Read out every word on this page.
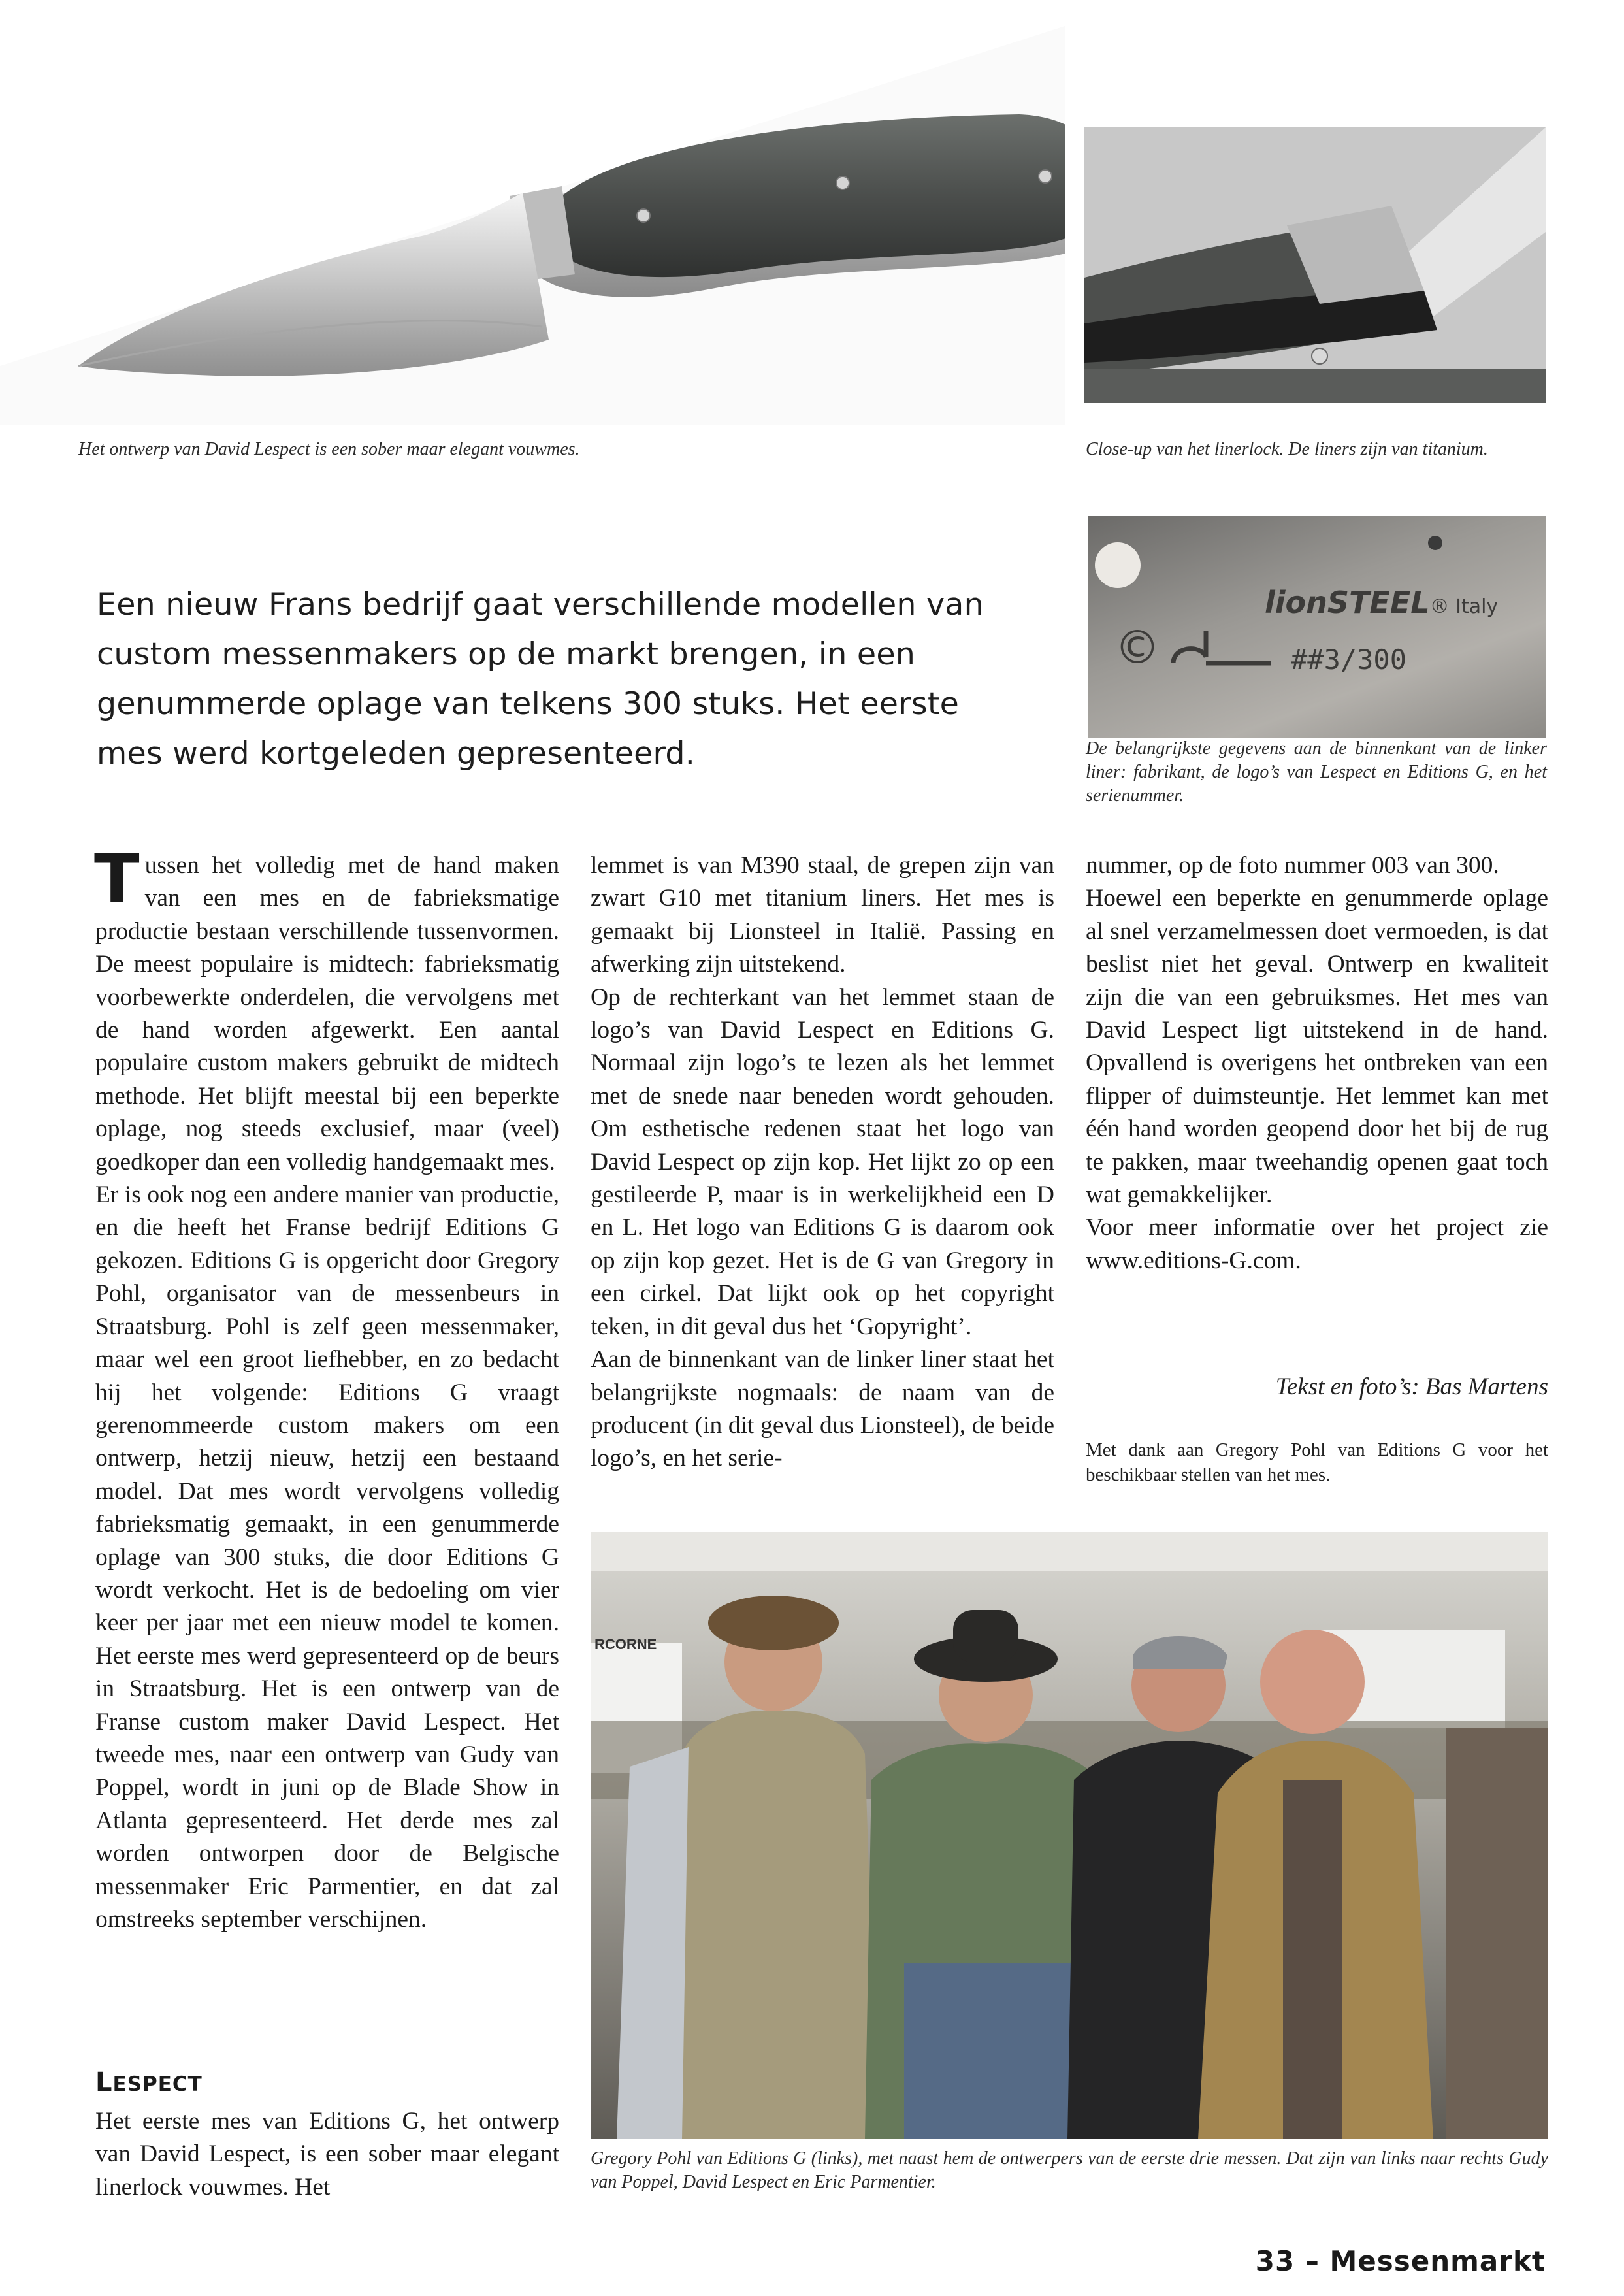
Het ontwerp van David Lespect is een sober maar elegant vouwmes.	Close-up van het linerlock. De liners zijn van titanium.
lionSTEEL® Italy
©	##3/300
De belangrijkste gegevens aan de binnenkant van de linker liner: fabrikant, de logo’s van Lespect en Editions G, en het serienummer.
Een nieuw Frans bedrijf gaat verschillende modellen van custom messenmakers op de markt brengen, in een genummerde oplage van telkens 300 stuks. Het eerste mes werd kortgeleden gepresenteerd.

Tussen het volledig met de hand maken van een mes en de fabrieksmatige productie bestaan verschillende tussenvormen. De meest populaire is midtech: fabrieksmatig voorbewerkte onderdelen, die vervolgens met de hand worden afgewerkt. Een aantal populaire custom makers gebruikt de midtech methode. Het blijft meestal bij een beperkte oplage, nog steeds exclusief, maar (veel) goedkoper dan een volledig handgemaakt mes.

Er is ook nog een andere manier van productie, en die heeft het Franse bedrijf Editions G gekozen. Editions G is opgericht door Gregory Pohl, organisator van de messenbeurs in Straatsburg. Pohl is zelf geen messenmaker, maar wel een groot liefhebber, en zo bedacht hij het volgende: Editions G vraagt gerenommeerde custom makers om een ontwerp, hetzij nieuw, hetzij een bestaand model. Dat mes wordt vervolgens volledig fabrieksmatig gemaakt, in een genummerde oplage van 300 stuks, die door Editions G wordt verkocht. Het is de bedoeling om vier keer per jaar met een nieuw model te komen. Het eerste mes werd gepresenteerd op de beurs in Straatsburg. Het is een ontwerp van de Franse custom maker David Lespect. Het tweede mes, naar een ontwerp van Gudy van Poppel, wordt in juni op de Blade Show in Atlanta gepresenteerd. Het derde mes zal worden ontworpen door de Belgische messenmaker Eric Parmentier, en dat zal omstreeks september verschijnen.

LESPECT

Het eerste mes van Editions G, het ontwerp van David Lespect, is een sober maar elegant linerlock vouwmes. Het

lemmet is van M390 staal, de grepen zijn van zwart G10 met titanium liners. Het mes is gemaakt bij Lionsteel in Italië. Passing en afwerking zijn uitstekend.

Op de rechterkant van het lemmet staan de logo’s van David Lespect en Editions G. Normaal zijn logo’s te lezen als het lemmet met de snede naar beneden wordt gehouden. Om esthetische redenen staat het logo van David Lespect op zijn kop. Het lijkt zo op een gestileerde P, maar is in werkelijkheid een D en L. Het logo van Editions G is daarom ook op zijn kop gezet. Het is de G van Gregory in een cirkel. Dat lijkt ook op het copyright teken, in dit geval dus het ‘Gopyright’.

Aan de binnenkant van de linker liner staat het belangrijkste nogmaals: de naam van de producent (in dit geval dus Lionsteel), de beide logo’s, en het serie-

nummer, op de foto nummer 003 van 300.

Hoewel een beperkte en genummerde oplage al snel verzamelmessen doet vermoeden, is dat beslist niet het geval. Ontwerp en kwaliteit zijn die van een gebruiksmes. Het mes van David Lespect ligt uitstekend in de hand. Opvallend is overigens het ontbreken van een flipper of duimsteuntje. Het lemmet kan met één hand worden geopend door het bij de rug te pakken, maar tweehandig openen gaat toch wat gemakkelijker.

Voor meer informatie over het project zie www.editions-G.com.

Tekst en foto’s: Bas Martens
Met dank aan Gregory Pohl van Editions G voor het beschikbaar stellen van het mes.
RCORNE
Gregory Pohl van Editions G (links), met naast hem de ontwerpers van de eerste drie messen. Dat zijn van links naar rechts Gudy van Poppel, David Lespect en Eric Parmentier.
33 – Messenmarkt
